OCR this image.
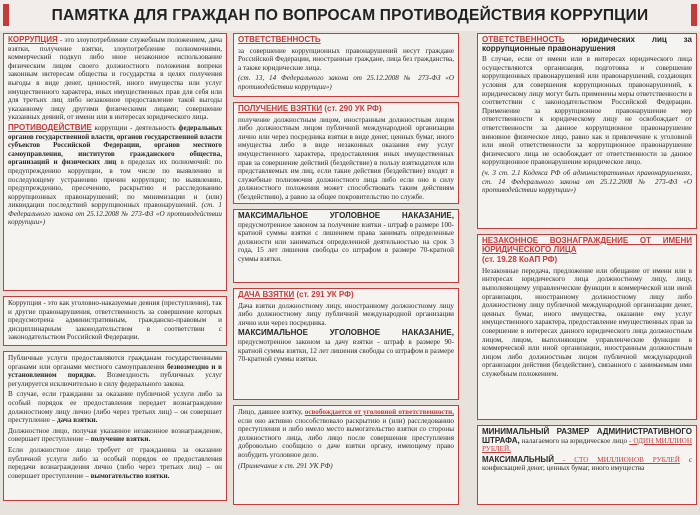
ПАМЯТКА ДЛЯ ГРАЖДАН ПО ВОПРОСАМ ПРОТИВОДЕЙСТВИЯ КОРРУПЦИИ

КОРРУПЦИЯ - это злоупотребление служебным положением, дача взятки, получение взятки, злоупотребление полномочиями, коммерческий подкуп либо иное незаконное использование физическим лицом своего должностного положения вопреки законным интересам общества и государства в целях получения выгоды в виде денег, ценностей, иного имущества или услуг имущественного характера, иных имущественных прав для себя или для третьих лиц либо незаконное предоставление такой выгоды указанному лицу другими физическими лицами; совершение указанных деяний, от имени или в интересах юридического лица.

ПРОТИВОДЕЙСТВИЕ коррупции - деятельность федеральных органов государственной власти, органов государственной власти субъектов Российской Федерации, органов местного самоуправления, институтов гражданского общества, организаций и физических лиц в пределах их полномочий: по предупреждению коррупции, в том числе по выявлению и последующему устранению причин коррупции; по выявлению, предупреждению, пресечению, раскрытию и расследованию коррупционных правонарушений; по минимизации и (или) ликвидации последствий коррупционных правонарушений. (ст. 1 Федерального закона от 25.12.2008 № 273-ФЗ «О противодействии коррупции»)

Коррупция - это как уголовно-наказуемые деяния (преступления), так и другие правонарушения, ответственность за совершение которых предусмотрена административным, гражданско-правовым и дисциплинарным законодательством в соответствии с законодательством Российской Федерации.

Публичные услуги предоставляются гражданам государственными органами или органами местного самоуправления безвозмездно и в установленном порядке. Возмездность публичных услуг регулируется исключительно в силу федерального закона.

В случае, если гражданин за оказание публичной услуги либо за особый порядок ее предоставления передает вознаграждение должностному лицу лично (либо через третьих лиц) – он совершает преступление – дача взятки.

Должностное лицо, получая указанное незаконное вознаграждение, совершает преступление – получение взятки.

Если должностное лицо требует от гражданина за оказание публичной услуги либо за особый порядок ее предоставления передачи вознаграждения лично (либо через третьих лиц) – он совершает преступление – вымогательство взятки.

ОТВЕТСТВЕННОСТЬ

за совершение коррупционных правонарушений несут граждане Российской Федерации, иностранные граждане, лица без гражданства, а также юридические лица.

(ст. 13, 14 Федерального закона от 25.12.2008 № 273-ФЗ «О противодействии коррупции»)

ПОЛУЧЕНИЕ ВЗЯТКИ (ст. 290 УК РФ)

получение должностным лицом, иностранным должностным лицом либо должностным лицом публичной международной организации лично или через посредника взятки в виде денег, ценных бумаг, иного имущества либо в виде незаконных оказания ему услуг имущественного характера, предоставления иных имущественных прав за совершение действий (бездействие) в пользу взяткодателя или представляемых им лиц, если такие действия (бездействие) входят в служебные полномочия должностного лица либо если оно в силу должностного положения может способствовать таким действиям (бездействию), а равно за общее покровительство по службе.

МАКСИМАЛЬНОЕ УГОЛОВНОЕ НАКАЗАНИЕ, предусмотренное законом за получение взятки - штраф в размере 100-кратной суммы взятки с лишением права занимать определенные должности или заниматься определенной деятельностью на срок 3 года, 15 лет лишения свободы со штрафом в размере 70-кратной суммы взятки.

ДАЧА ВЗЯТКИ (ст. 291 УК РФ)

Дача взятки должностному лицу, иностранному должностному лицу либо должностному лицу публичной международной организации лично или через посредника.

МАКСИМАЛЬНОЕ УГОЛОВНОЕ НАКАЗАНИЕ, предусмотренное законом за дачу взятки - штраф в размере 90-кратной суммы взятки, 12 лет лишения свободы со штрафом в размере 70-кратной суммы взятки.

Лицо, давшее взятку, освобождается от уголовной ответственности, если оно активно способствовало раскрытию и (или) расследованию преступления и либо имело место вымогательство взятки со стороны должностного лица, либо лицо после совершения преступления добровольно сообщило о даче взятки органу, имеющему право возбудить уголовное дело.

(Примечание к ст. 291 УК РФ)

ОТВЕТСТВЕННОСТЬ юридических лиц за коррупционные правонарушения

В случае, если от имени или в интересах юридического лица осуществляются организация, подготовка и совершение коррупционных правонарушений или правонарушений, создающих условия для совершения коррупционных правонарушений, к юридическому лицу могут быть применены меры ответственности в соответствии с законодательством Российской Федерации. Применение за коррупционное правонарушение мер ответственности к юридическому лицу не освобождает от ответственности за данное коррупционное правонарушение виновное физическое лицо, равно как и привлечение к уголовной или иной ответственности за коррупционное правонарушение физического лица не освобождает от ответственности за данное коррупционное правонарушение юридическое лицо.

(ч. 3 ст. 2.1 Кодекса РФ об административных правонарушениях, ст. 14 Федерального закона от 25.12.2008 № 273-ФЗ «О противодействии коррупции»)

НЕЗАКОННОЕ ВОЗНАГРАЖДЕНИЕ ОТ ИМЕНИ ЮРИДИЧЕСКОГО ЛИЦА

(ст. 19.28 КоАП РФ)

Незаконные передача, предложение или обещание от имени или в интересах юридического лица должностному лицу, лицу, выполняющему управленческие функции в коммерческой или иной организации, иностранному должностному лицу либо должностному лицу публичной международной организации денег, ценных бумаг, иного имущества, оказание ему услуг имущественного характера, предоставление имущественных прав за совершение в интересах данного юридического лица должностным лицом, лицом, выполняющим управленческие функции в коммерческой или иной организации, иностранным должностным лицом либо должностным лицом публичной международной организации действия (бездействие), связанного с занимаемым ими служебным положением.

МИНИМАЛЬНЫЙ РАЗМЕР АДМИНИСТРАТИВНОГО ШТРАФА, налагаемого на юридическое лицо - ОДИН МИЛЛИОН РУБЛЕЙ.

МАКСИМАЛЬНЫЙ - СТО МИЛЛИОНОВ РУБЛЕЙ с конфискацией денег, ценных бумаг, иного имущества
